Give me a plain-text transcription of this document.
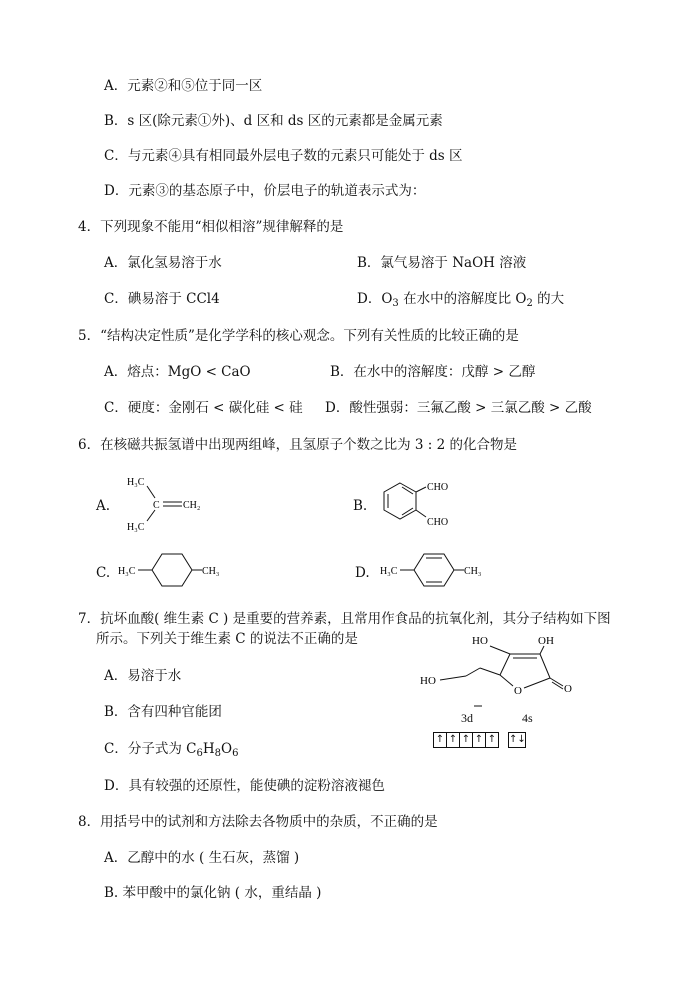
A．元素②和⑤位于同一区
B．s 区(除元素①外)、d 区和 ds 区的元素都是金属元素
C．与元素④具有相同最外层电子数的元素只可能处于 ds 区
D．元素③的基态原子中，价层电子的轨道表示式为：
4．下列现象不能用“相似相溶”规律解释的是
A．氯化氢易溶于水	B．氯气易溶于 NaOH 溶液
C．碘易溶于 CCl4	D．$O_3$ 在水中的溶解度比 $O_2$ 的大
5．“结构决定性质”是化学学科的核心观念。下列有关性质的比较正确的是
A．熔点：MgO < CaO	B．在水中的溶解度：戊醇 > 乙醇
C．硬度：金刚石 < 碳化硅 < 硅 D．酸性强弱：三氟乙酸 > 三氯乙酸 > 乙酸
6．在核磁共振氢谱中出现两组峰，且氢原子个数之比为 3 : 2 的化合物是
A.
H₃C
H₃C
C CH₂	B.
CHO
CHO
C. H₃C	CH₃	D. H₃C	CH₃
7．抗坏血酸( 维生素 C ) 是重要的营养素，且常用作食品的抗氧化剂，其分子结构如下图
所示。下列关于维生素 C 的说法不正确的是
A．易溶于水
B．含有四种官能团
C．分子式为 $C_6H_8O_6$
D．具有较强的还原性，能使碘的淀粉溶液褪色
HO	OH
HO
O	O
3d	4s
↑ ↑ ↑ ↑ ↑ ↑↓
8．用括号中的试剂和方法除去各物质中的杂质，不正确的是
A．乙醇中的水 ( 生石灰，蒸馏 )
B. 苯甲酸中的氯化钠 ( 水，重结晶 )
